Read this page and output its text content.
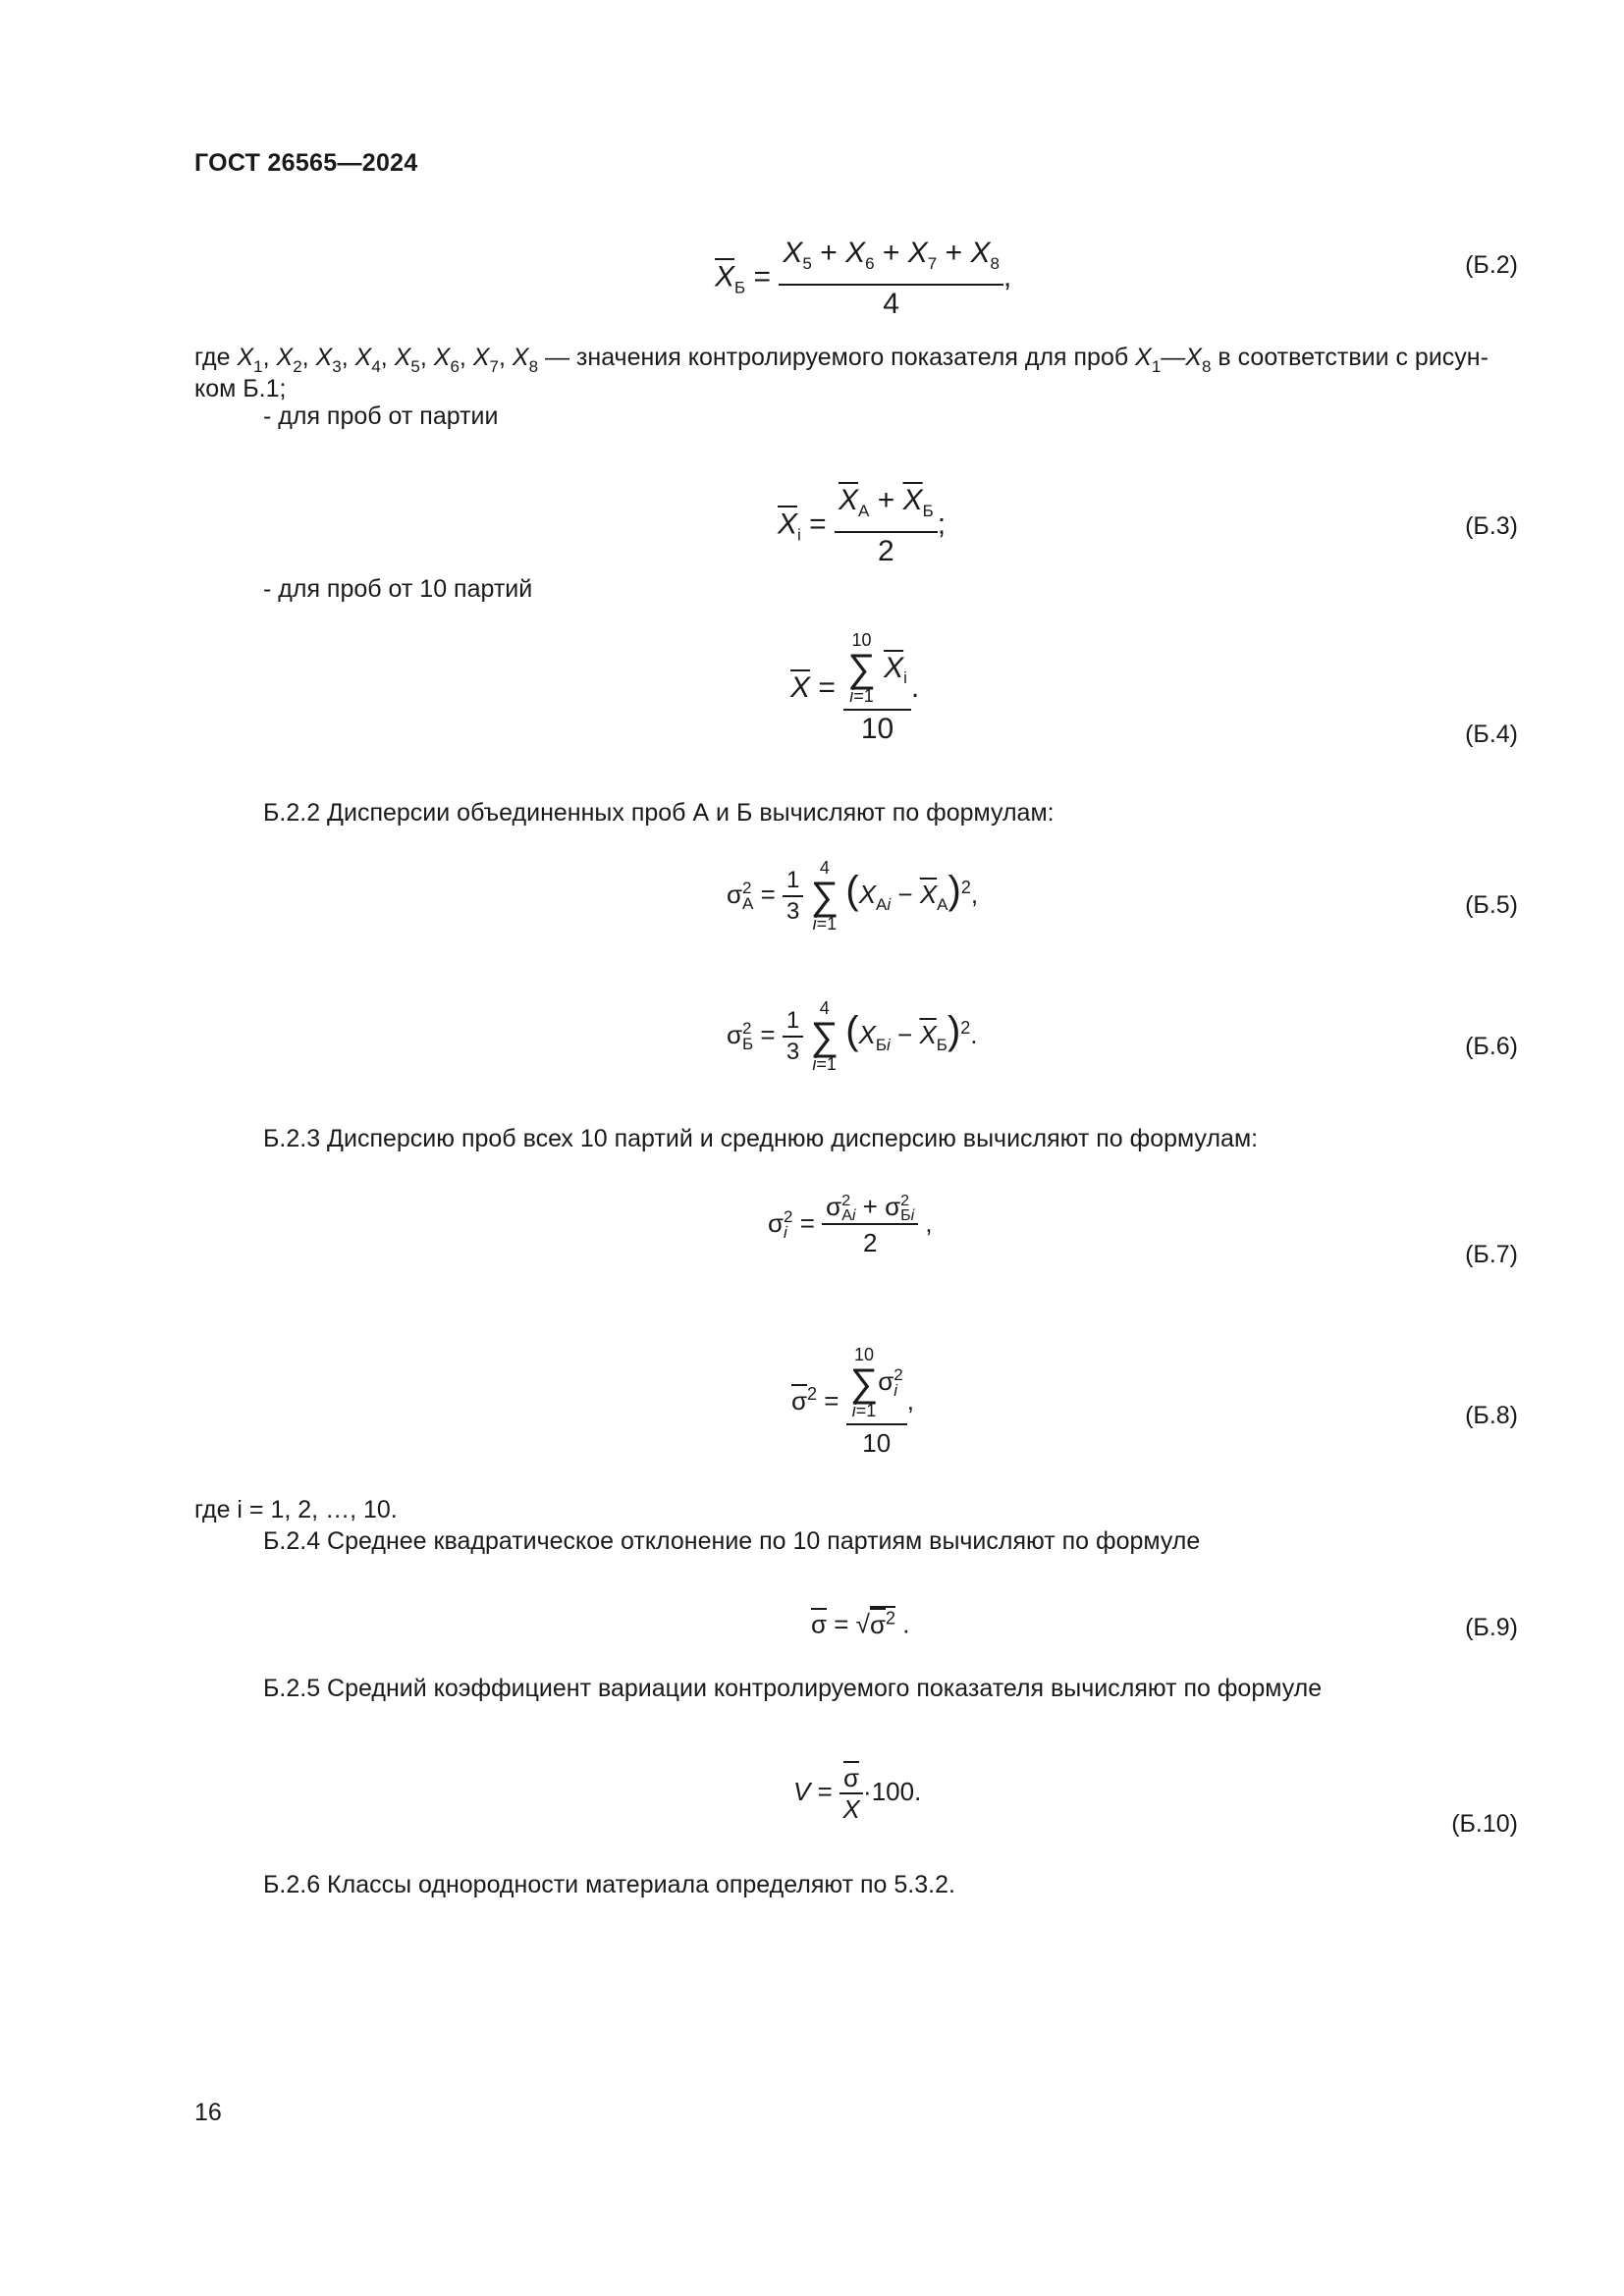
ГОСТ 26565—2024
$\overline{X}_Б = \frac{X_5 + X_6 + X_7 + X_8}{4}$ ,	(Б.2)
где $X_1$, $X_2$, $X_3$, $X_4$, $X_5$, $X_6$, $X_7$, $X_8$ — значения контролируемого показателя для проб $X_1—X_8$ в соответствии с рисун-
ком Б.1;
- для проб от партии
$\overline{X}_i = \frac{\overline{X}_А + \overline{X}_Б}{2}$ ;	(Б.3)
- для проб от 10 партий
$\overline{X} = 10$
∑
i=1
$\overline{X}_i$
10 .
(Б.4)
Б.2.2 Дисперсии объединенных проб А и Б вычисляют по формулам:
σ 2
$А = \frac{1}{3}$
4
∑
i=1
$(X_{Аi} - \overline{X}_А)^2$,	(Б.5)
σ 2
$Б = \frac{1}{3}$
4
∑
i=1
$(X_{Бi} - \overline{X}_Б)^2$.	(Б.6)
Б.2.3 Дисперсию проб всех 10 партий и среднюю дисперсию вычисляют по формулам:
σ 2
i = σ 2
Аi + σ 2
Бi
2 ,
(Б.7)
$\overline{\sigma}^2 = 10$
∑
i=1
σ 2
i
10 ,
(Б.8)
где i = 1, 2, …, 10.
Б.2.4 Среднее квадратическое отклонение по 10 партиям вычисляют по формуле
$\overline{\sigma} = √\sigma^2$ .	(Б.9)
Б.2.5 Средний коэффициент вариации контролируемого показателя вычисляют по формуле
$V = \frac{\overline{\sigma}}{X} \cdot 100$.
(Б.10)
Б.2.6 Классы однородности материала определяют по 5.3.2.
16
